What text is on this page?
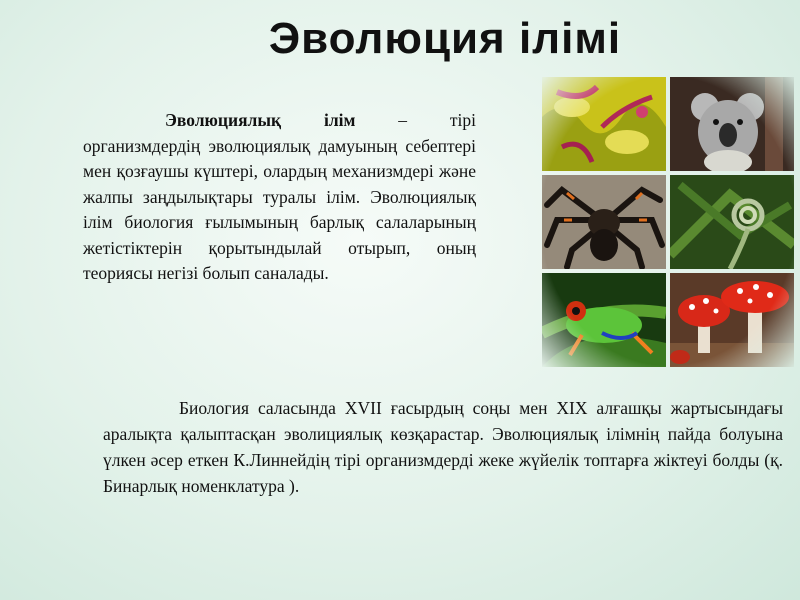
Эволюция ілімі
Эволюциялық ілім – тірі организмдердің эволюциялық дамуының себептері мен қозғаушы күштері, олардың механизмдері және жалпы заңдылықтары туралы ілім. Эволюциялық ілім биология ғылымының барлық салаларының жетістіктерін қорытындылай отырып, оның теориясы негізі болып саналады.
Биология саласында XVII ғасырдың соңы мен XIX алғашқы жартысындағы аралықта қалыптасқан эволициялық көзқарастар. Эволюциялық ілімнің пайда болуына үлкен әсер еткен К.Линнейдің тірі организмдерді жеке жүйелік топтарға жіктеуі болды (қ. Бинарлық номенклатура ).
